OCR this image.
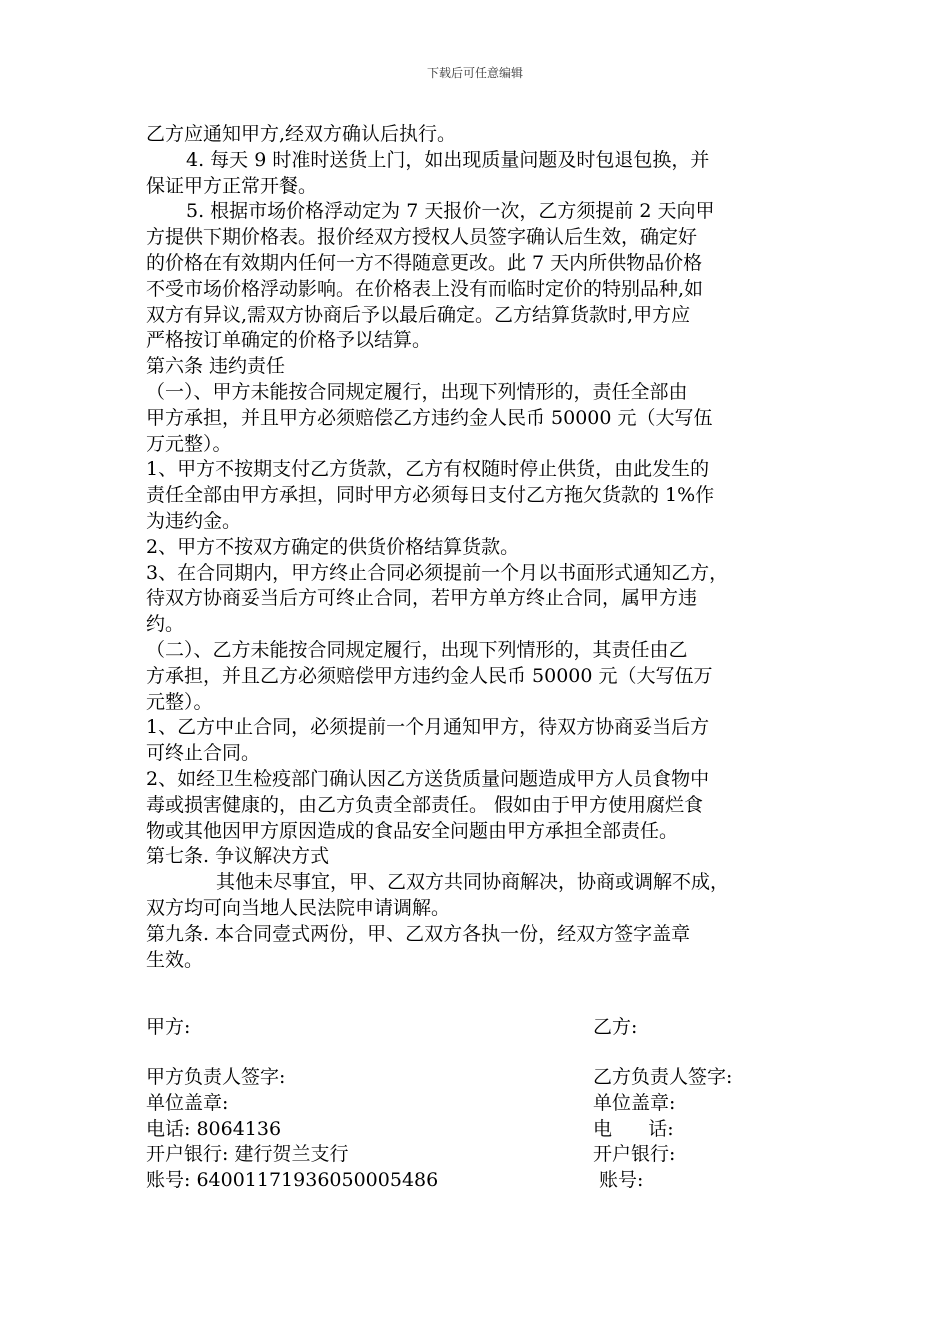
下载后可任意编辑

乙方应通知甲方,经双方确认后执行。

4. 每天 9 时准时送货上门，如出现质量问题及时包退包换，并

保证甲方正常开餐。

5. 根据市场价格浮动定为 7 天报价一次，乙方须提前 2 天向甲

方提供下期价格表。报价经双方授权人员签字确认后生效，确定好

的价格在有效期内任何一方不得随意更改。此 7 天内所供物品价格

不受市场价格浮动影响。在价格表上没有而临时定价的特别品种,如

双方有异议,需双方协商后予以最后确定。乙方结算货款时,甲方应

严格按订单确定的价格予以结算。

第六条 违约责任

（一）、甲方未能按合同规定履行，出现下列情形的，责任全部由

甲方承担，并且甲方必须赔偿乙方违约金人民币 50000 元（大写伍

万元整）。

1、甲方不按期支付乙方货款，乙方有权随时停止供货，由此发生的

责任全部由甲方承担，同时甲方必须每日支付乙方拖欠货款的 1%作

为违约金。

2、甲方不按双方确定的供货价格结算货款。

3、在合同期内，甲方终止合同必须提前一个月以书面形式通知乙方，

待双方协商妥当后方可终止合同，若甲方单方终止合同，属甲方违

约。

（二）、乙方未能按合同规定履行，出现下列情形的，其责任由乙

方承担，并且乙方必须赔偿甲方违约金人民币 50000 元（大写伍万

元整）。

1、乙方中止合同，必须提前一个月通知甲方，待双方协商妥当后方

可终止合同。

2、如经卫生检疫部门确认因乙方送货质量问题造成甲方人员食物中

毒或损害健康的，由乙方负责全部责任。 假如由于甲方使用腐烂食

物或其他因甲方原因造成的食品安全问题由甲方承担全部责任。

第七条. 争议解决方式

其他未尽事宜，甲、乙双方共同协商解决，协商或调解不成，

双方均可向当地人民法院申请调解。

第九条. 本合同壹式两份，甲、乙双方各执一份，经双方签字盖章

生效。

甲方:	乙方:
甲方负责人签字:	乙方负责人签字:
单位盖章:	单位盖章:
电话: 8064136	电      话:
开户银行: 建行贺兰支行	开户银行:
账号: 64001171936050005486	账号:
